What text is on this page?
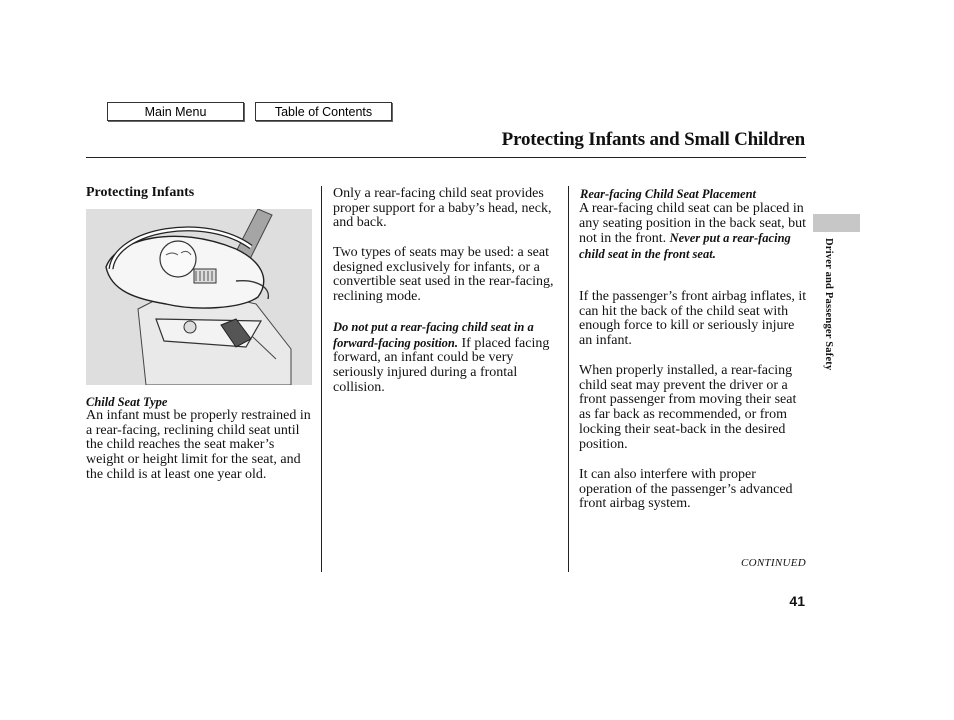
Main Menu	Table of Contents
Protecting Infants and Small Children
Protecting Infants
Child Seat Type
An infant must be properly restrained in a rear-facing, reclining child seat until the child reaches the seat maker’s weight or height limit for the seat, and the child is at least one year old.
Only a rear-facing child seat provides proper support for a baby’s head, neck, and back.
Two types of seats may be used: a seat designed exclusively for infants, or a convertible seat used in the rear-facing, reclining mode.
Do not put a rear-facing child seat in a forward-facing position. If placed facing forward, an infant could be very seriously injured during a frontal collision.
Rear-facing Child Seat Placement
A rear-facing child seat can be placed in any seating position in the back seat, but not in the front. Never put a rear-facing child seat in the front seat.
If the passenger’s front airbag inflates, it can hit the back of the child seat with enough force to kill or seriously injure an infant.
When properly installed, a rear-facing child seat may prevent the driver or a front passenger from moving their seat as far back as recommended, or from locking their seat-back in the desired position.
It can also interfere with proper operation of the passenger’s advanced front airbag system.
Driver and Passenger Safety
CONTINUED
41
